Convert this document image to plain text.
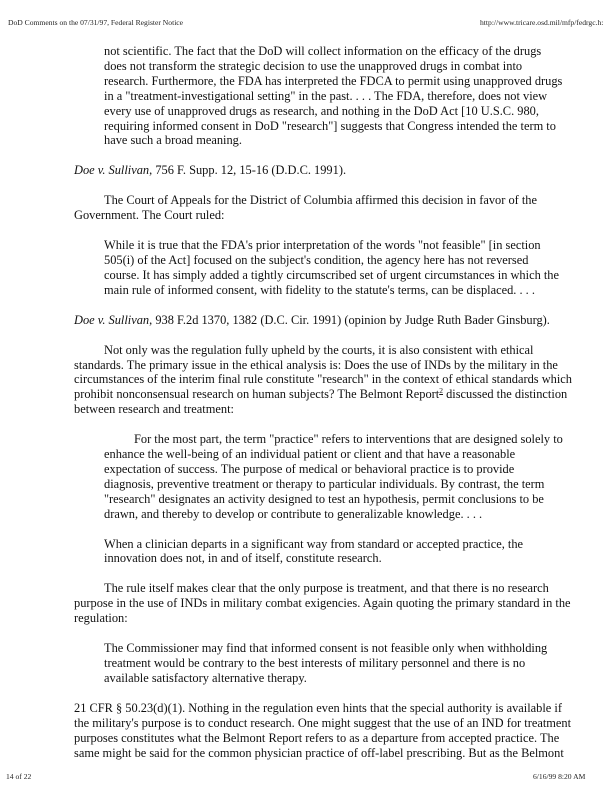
DoD Comments on the 07/31/97, Federal Register Notice	http://www.tricare.osd.mil/mfp/fedrgc.h:

not scientific. The fact that the DoD will collect information on the efficacy of the drugs does not transform the strategic decision to use the unapproved drugs in combat into research. Furthermore, the FDA has interpreted the FDCA to permit using unapproved drugs in a "treatment-investigational setting" in the past. . . . The FDA, therefore, does not view every use of unapproved drugs as research, and nothing in the DoD Act [10 U.S.C. 980, requiring informed consent in DoD "research"] suggests that Congress intended the term to have such a broad meaning.

Doe v. Sullivan, 756 F. Supp. 12, 15-16 (D.D.C. 1991).

The Court of Appeals for the District of Columbia affirmed this decision in favor of the Government. The Court ruled:

While it is true that the FDA's prior interpretation of the words "not feasible" [in section 505(i) of the Act] focused on the subject's condition, the agency here has not reversed course. It has simply added a tightly circumscribed set of urgent circumstances in which the main rule of informed consent, with fidelity to the statute's terms, can be displaced. . . .

Doe v. Sullivan, 938 F.2d 1370, 1382 (D.C. Cir. 1991) (opinion by Judge Ruth Bader Ginsburg).

Not only was the regulation fully upheld by the courts, it is also consistent with ethical standards. The primary issue in the ethical analysis is: Does the use of INDs by the military in the circumstances of the interim final rule constitute "research" in the context of ethical standards which prohibit nonconsensual research on human subjects? The Belmont Report$^2$ discussed the distinction between research and treatment:

For the most part, the term "practice" refers to interventions that are designed solely to enhance the well-being of an individual patient or client and that have a reasonable expectation of success. The purpose of medical or behavioral practice is to provide diagnosis, preventive treatment or therapy to particular individuals. By contrast, the term "research" designates an activity designed to test an hypothesis, permit conclusions to be drawn, and thereby to develop or contribute to generalizable knowledge. . . .

When a clinician departs in a significant way from standard or accepted practice, the innovation does not, in and of itself, constitute research.

The rule itself makes clear that the only purpose is treatment, and that there is no research purpose in the use of INDs in military combat exigencies. Again quoting the primary standard in the regulation:

The Commissioner may find that informed consent is not feasible only when withholding treatment would be contrary to the best interests of military personnel and there is no available satisfactory alternative therapy.

21 CFR § 50.23(d)(1). Nothing in the regulation even hints that the special authority is available if the military's purpose is to conduct research. One might suggest that the use of an IND for treatment purposes constitutes what the Belmont Report refers to as a departure from accepted practice. The same might be said for the common physician practice of off-label prescribing. But as the Belmont

14 of 22	6/16/99 8:20 AM
